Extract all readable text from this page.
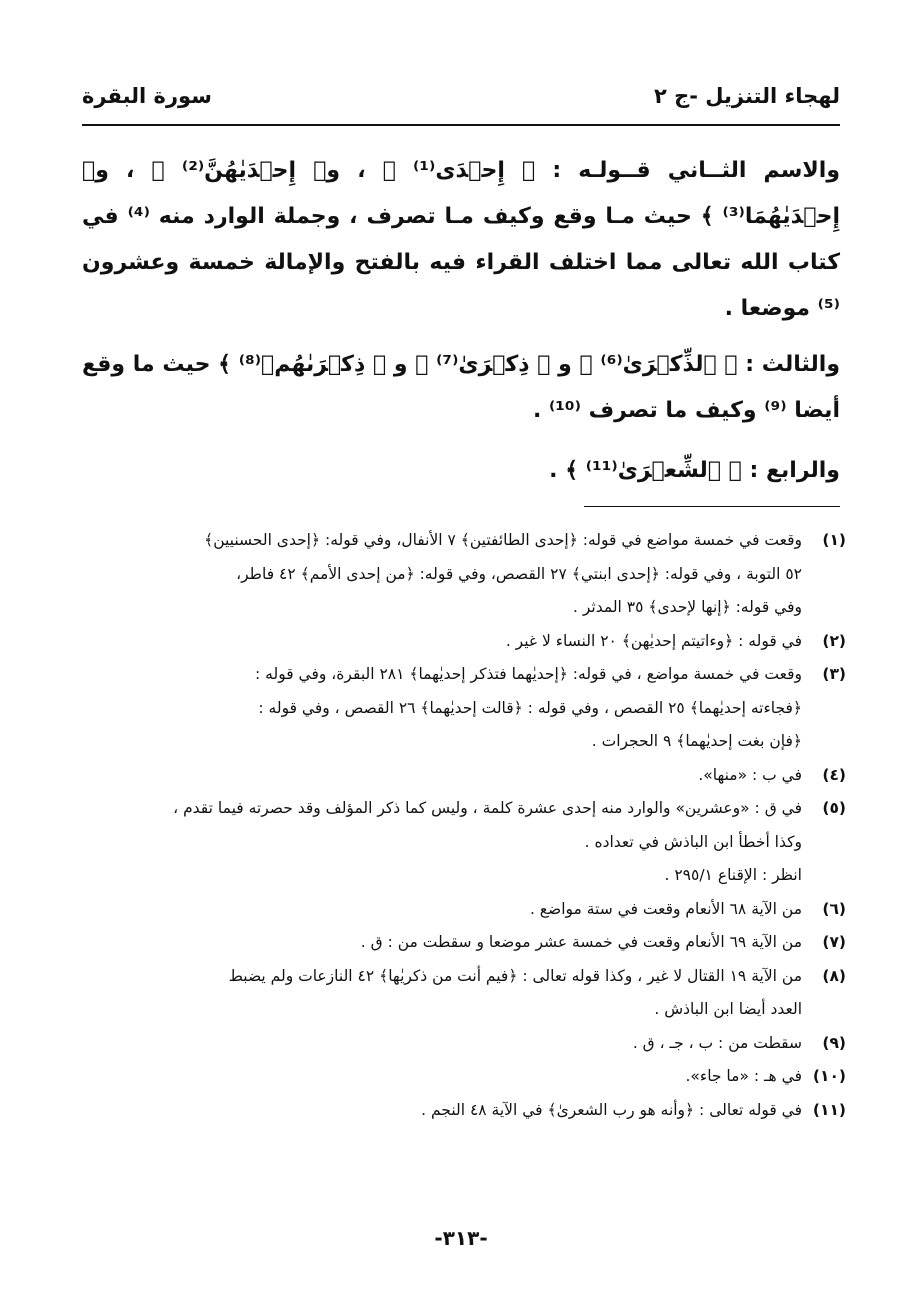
لهجاء التنزيل -ج ٢
سورة البقرة

والاسم الثــاني قــولـه : ﴿ إِحۡدَى⁽¹⁾ ﴾ ، و﴿ إِحۡدَيٰهُنَّ⁽²⁾ ﴾ ، و﴿ إِحۡدَيٰهُمَا⁽³⁾ ﴾ حيث مـا وقع وكيف مـا تصرف ، وجملة الوارد منه ⁽⁴⁾ في كتاب الله تعالى مما اختلف القراء فيه بالفتح والإمالة خمسة وعشرون ⁽⁵⁾ موضعا .

والثالث : ﴿ ٱلذِّكۡرَىٰ⁽⁶⁾ ﴾ و ﴿ ذِكۡرَىٰ⁽⁷⁾ ﴾ و ﴿ ذِكۡرَىٰهُمۡ⁽⁸⁾ ﴾ حيث ما وقع أيضا ⁽⁹⁾ وكيف ما تصرف ⁽¹⁰⁾ .

والرابع : ﴿ ٱلشِّعۡرَىٰ⁽¹¹⁾ ﴾ .

(١)
وقعت في خمسة مواضع في قوله: ﴿إحدى الطائفتين﴾ ٧ الأنفال، وفي قوله: ﴿إحدى الحسنيين﴾
٥٢ التوبة ، وفي قوله: ﴿إحدى ابنتي﴾ ٢٧ القصص، وفي قوله: ﴿من إحدى الأمم﴾ ٤٢ فاطر،
وفي قوله: ﴿إنها لإحدى﴾ ٣٥ المدثر .
(٢)
في قوله : ﴿وءاتيتم إحديٰهن﴾ ٢٠ النساء لا غير .
(٣)
وقعت في خمسة مواضع ، في قوله: ﴿إحديٰهما فتذكر إحديٰهما﴾ ٢٨١ البقرة، وفي قوله :
﴿فجاءته إحديٰهما﴾ ٢٥ القصص ، وفي قوله : ﴿قالت إحديٰهما﴾ ٢٦ القصص ، وفي قوله :
﴿فإن بغت إحديٰهما﴾ ٩ الحجرات .
(٤)
في ب : «منها».
(٥)
في ق : «وعشرين» والوارد منه إحدى عشرة كلمة ، وليس كما ذكر المؤلف وقد حصرته فيما تقدم ،
وكذا أخطأ ابن الباذش في تعداده .
انظر : الإقناع ٢٩٥/١ .
(٦)
من الآية ٦٨ الأنعام وقعت في ستة مواضع .
(٧)
من الآية ٦٩ الأنعام وقعت في خمسة عشر موضعا و سقطت من : ق .
(٨)
من الآية ١٩ القتال لا غير ، وكذا قوله تعالى : ﴿فيم أنت من ذكريٰها﴾ ٤٢ النازعات ولم يضبط
العدد أيضا ابن الباذش .
(٩)
سقطت من : ب ، جـ ، ق .
(١٠)
في هـ : «ما جاء».
(١١)
في قوله تعالى : ﴿وأنه هو رب الشعرىٰ﴾ في الآية ٤٨ النجم .
-٣١٣-
